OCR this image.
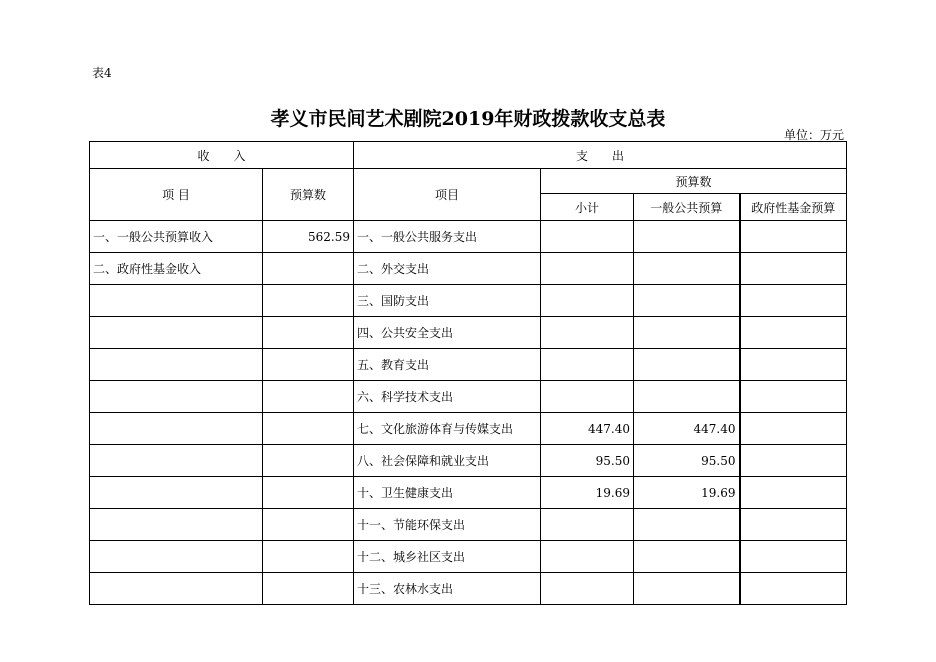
表4
孝义市民间艺术剧院2019年财政拨款收支总表
单位：万元
收　　入		支　　出			
项 目	预算数	项目	预算数		
			小计	一般公共预算	政府性基金预算
一、一般公共预算收入	562.59	一、一般公共服务支出			
二、政府性基金收入		二、外交支出			
		三、国防支出			
		四、公共安全支出			
		五、教育支出			
		六、科学技术支出			
		七、文化旅游体育与传媒支出	447.40	447.40	
		八、社会保障和就业支出	95.50	95.50	
		十、卫生健康支出	19.69	19.69	
		十一、节能环保支出			
		十二、城乡社区支出			
		十三、农林水支出			
